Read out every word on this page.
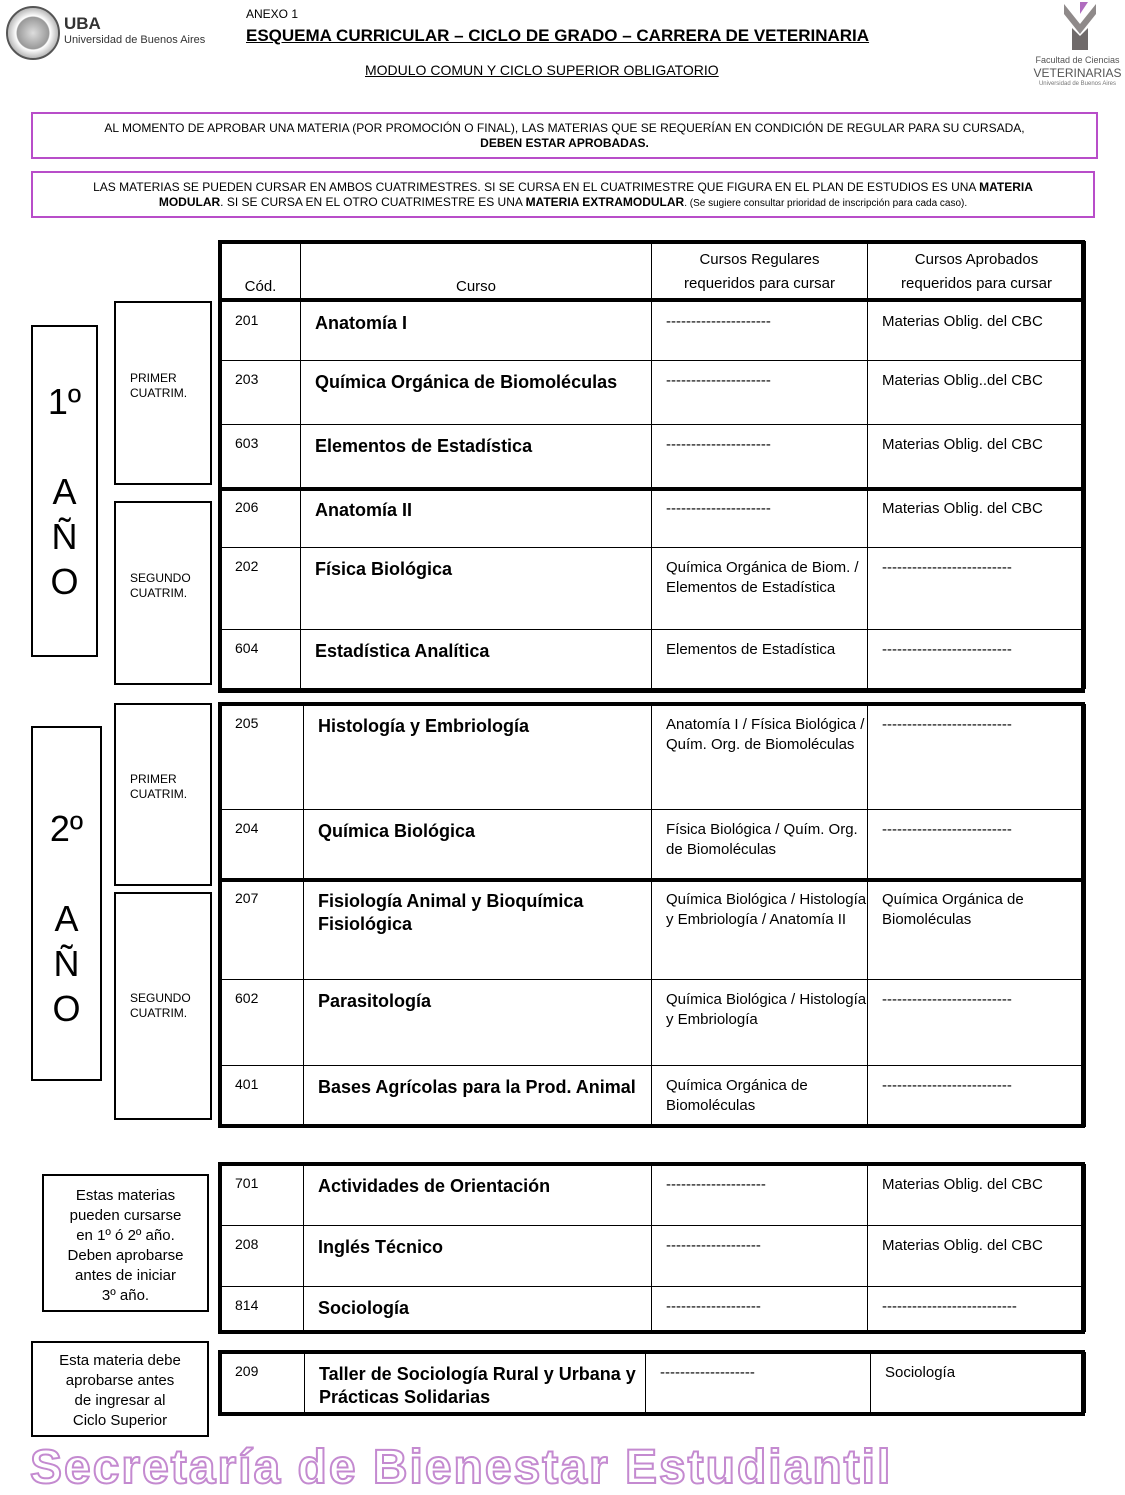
UBA
Universidad de Buenos Aires
ANEXO 1
ESQUEMA CURRICULAR – CICLO DE GRADO – CARRERA DE VETERINARIA
MODULO COMUN Y CICLO SUPERIOR OBLIGATORIO
Facultad de Ciencias
VETERINARIAS
Universidad de Buenos Aires
AL MOMENTO DE APROBAR UNA MATERIA (POR PROMOCIÓN O FINAL), LAS MATERIAS QUE SE REQUERÍAN EN CONDICIÓN DE REGULAR PARA SU CURSADA,
DEBEN ESTAR APROBADAS.
LAS MATERIAS SE PUEDEN CURSAR EN AMBOS CUATRIMESTRES. SI SE CURSA EN EL CUATRIMESTRE QUE FIGURA EN EL PLAN DE ESTUDIOS ES UNA MATERIA
MODULAR. SI SE CURSA EN EL OTRO CUATRIMESTRE ES UNA MATERIA EXTRAMODULAR. (Se sugiere consultar prioridad de inscripción para cada caso).
1º
A
Ñ
O
2º
A
Ñ
O
PRIMER
CUATRIM.
SEGUNDO
CUATRIM.
PRIMER
CUATRIM.
SEGUNDO
CUATRIM.
Estas materias
pueden cursarse
en 1º ó 2º año.
Deben aprobarse
antes de iniciar
3º año.
Esta materia debe
aprobarse antes
de ingresar al
Ciclo Superior
Cód.	Curso	
Cursos Regulares
requeridos para cursar

Cursos Aprobados
requeridos para cursar
201	Anatomía I	---------------------	Materias Oblig. del CBC
203	Química Orgánica de Biomoléculas	---------------------	Materias Oblig..del CBC
603	Elementos de Estadística	---------------------	Materias Oblig. del CBC
206	Anatomía II	---------------------	Materias Oblig. del CBC
202	Física Biológica	Química Orgánica de Biom. / Elementos de Estadística	--------------------------
604	Estadística Analítica	Elementos de Estadística	--------------------------
205	Histología y Embriología	Anatomía I / Física Biológica / Quím. Org. de Biomoléculas	--------------------------
204	Química Biológica	Física Biológica / Quím. Org. de Biomoléculas	--------------------------
207	Fisiología Animal y Bioquímica Fisiológica	Química Biológica / Histología y Embriología / Anatomía II	Química Orgánica de Biomoléculas
602	Parasitología	Química Biológica / Histología y Embriología	--------------------------
401	Bases Agrícolas para la Prod. Animal	Química Orgánica de Biomoléculas	--------------------------
701	Actividades de Orientación	--------------------	Materias Oblig. del CBC
208	Inglés Técnico	-------------------	Materias Oblig. del CBC
814	Sociología	-------------------	---------------------------
209	Taller de Sociología Rural y Urbana y Prácticas Solidarias	-------------------	Sociología
Secretaría de Bienestar Estudiantil
